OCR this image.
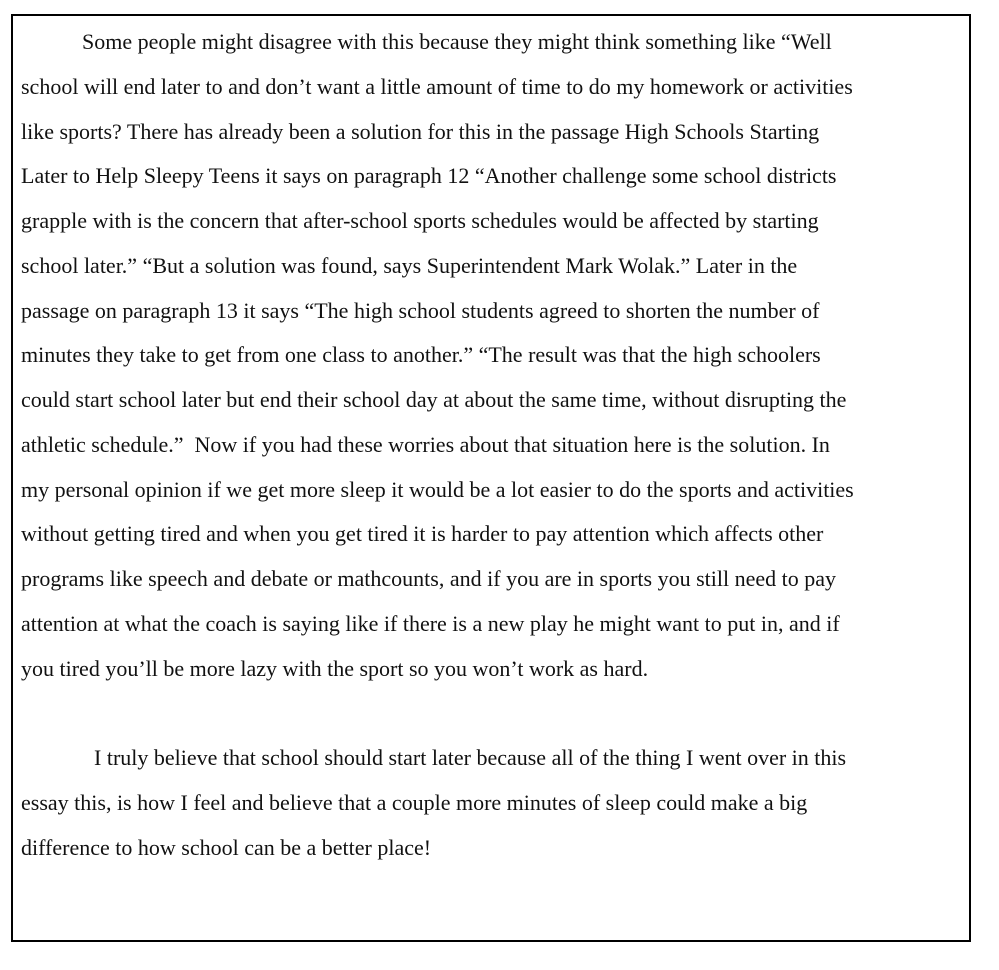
Some people might disagree with this because they might think something like “Well

school will end later to and don’t want a little amount of time to do my homework or activities

like sports? There has already been a solution for this in the passage High Schools Starting

Later to Help Sleepy Teens it says on paragraph 12 “Another challenge some school districts

grapple with is the concern that after-school sports schedules would be affected by starting

school later.” “But a solution was found, says Superintendent Mark Wolak.” Later in the

passage on paragraph 13 it says “The high school students agreed to shorten the number of

minutes they take to get from one class to another.” “The result was that the high schoolers

could start school later but end their school day at about the same time, without disrupting the

athletic schedule.”  Now if you had these worries about that situation here is the solution. In

my personal opinion if we get more sleep it would be a lot easier to do the sports and activities

without getting tired and when you get tired it is harder to pay attention which affects other

programs like speech and debate or mathcounts, and if you are in sports you still need to pay

attention at what the coach is saying like if there is a new play he might want to put in, and if

you tired you’ll be more lazy with the sport so you won’t work as hard.

I truly believe that school should start later because all of the thing I went over in this

essay this, is how I feel and believe that a couple more minutes of sleep could make a big

difference to how school can be a better place!
